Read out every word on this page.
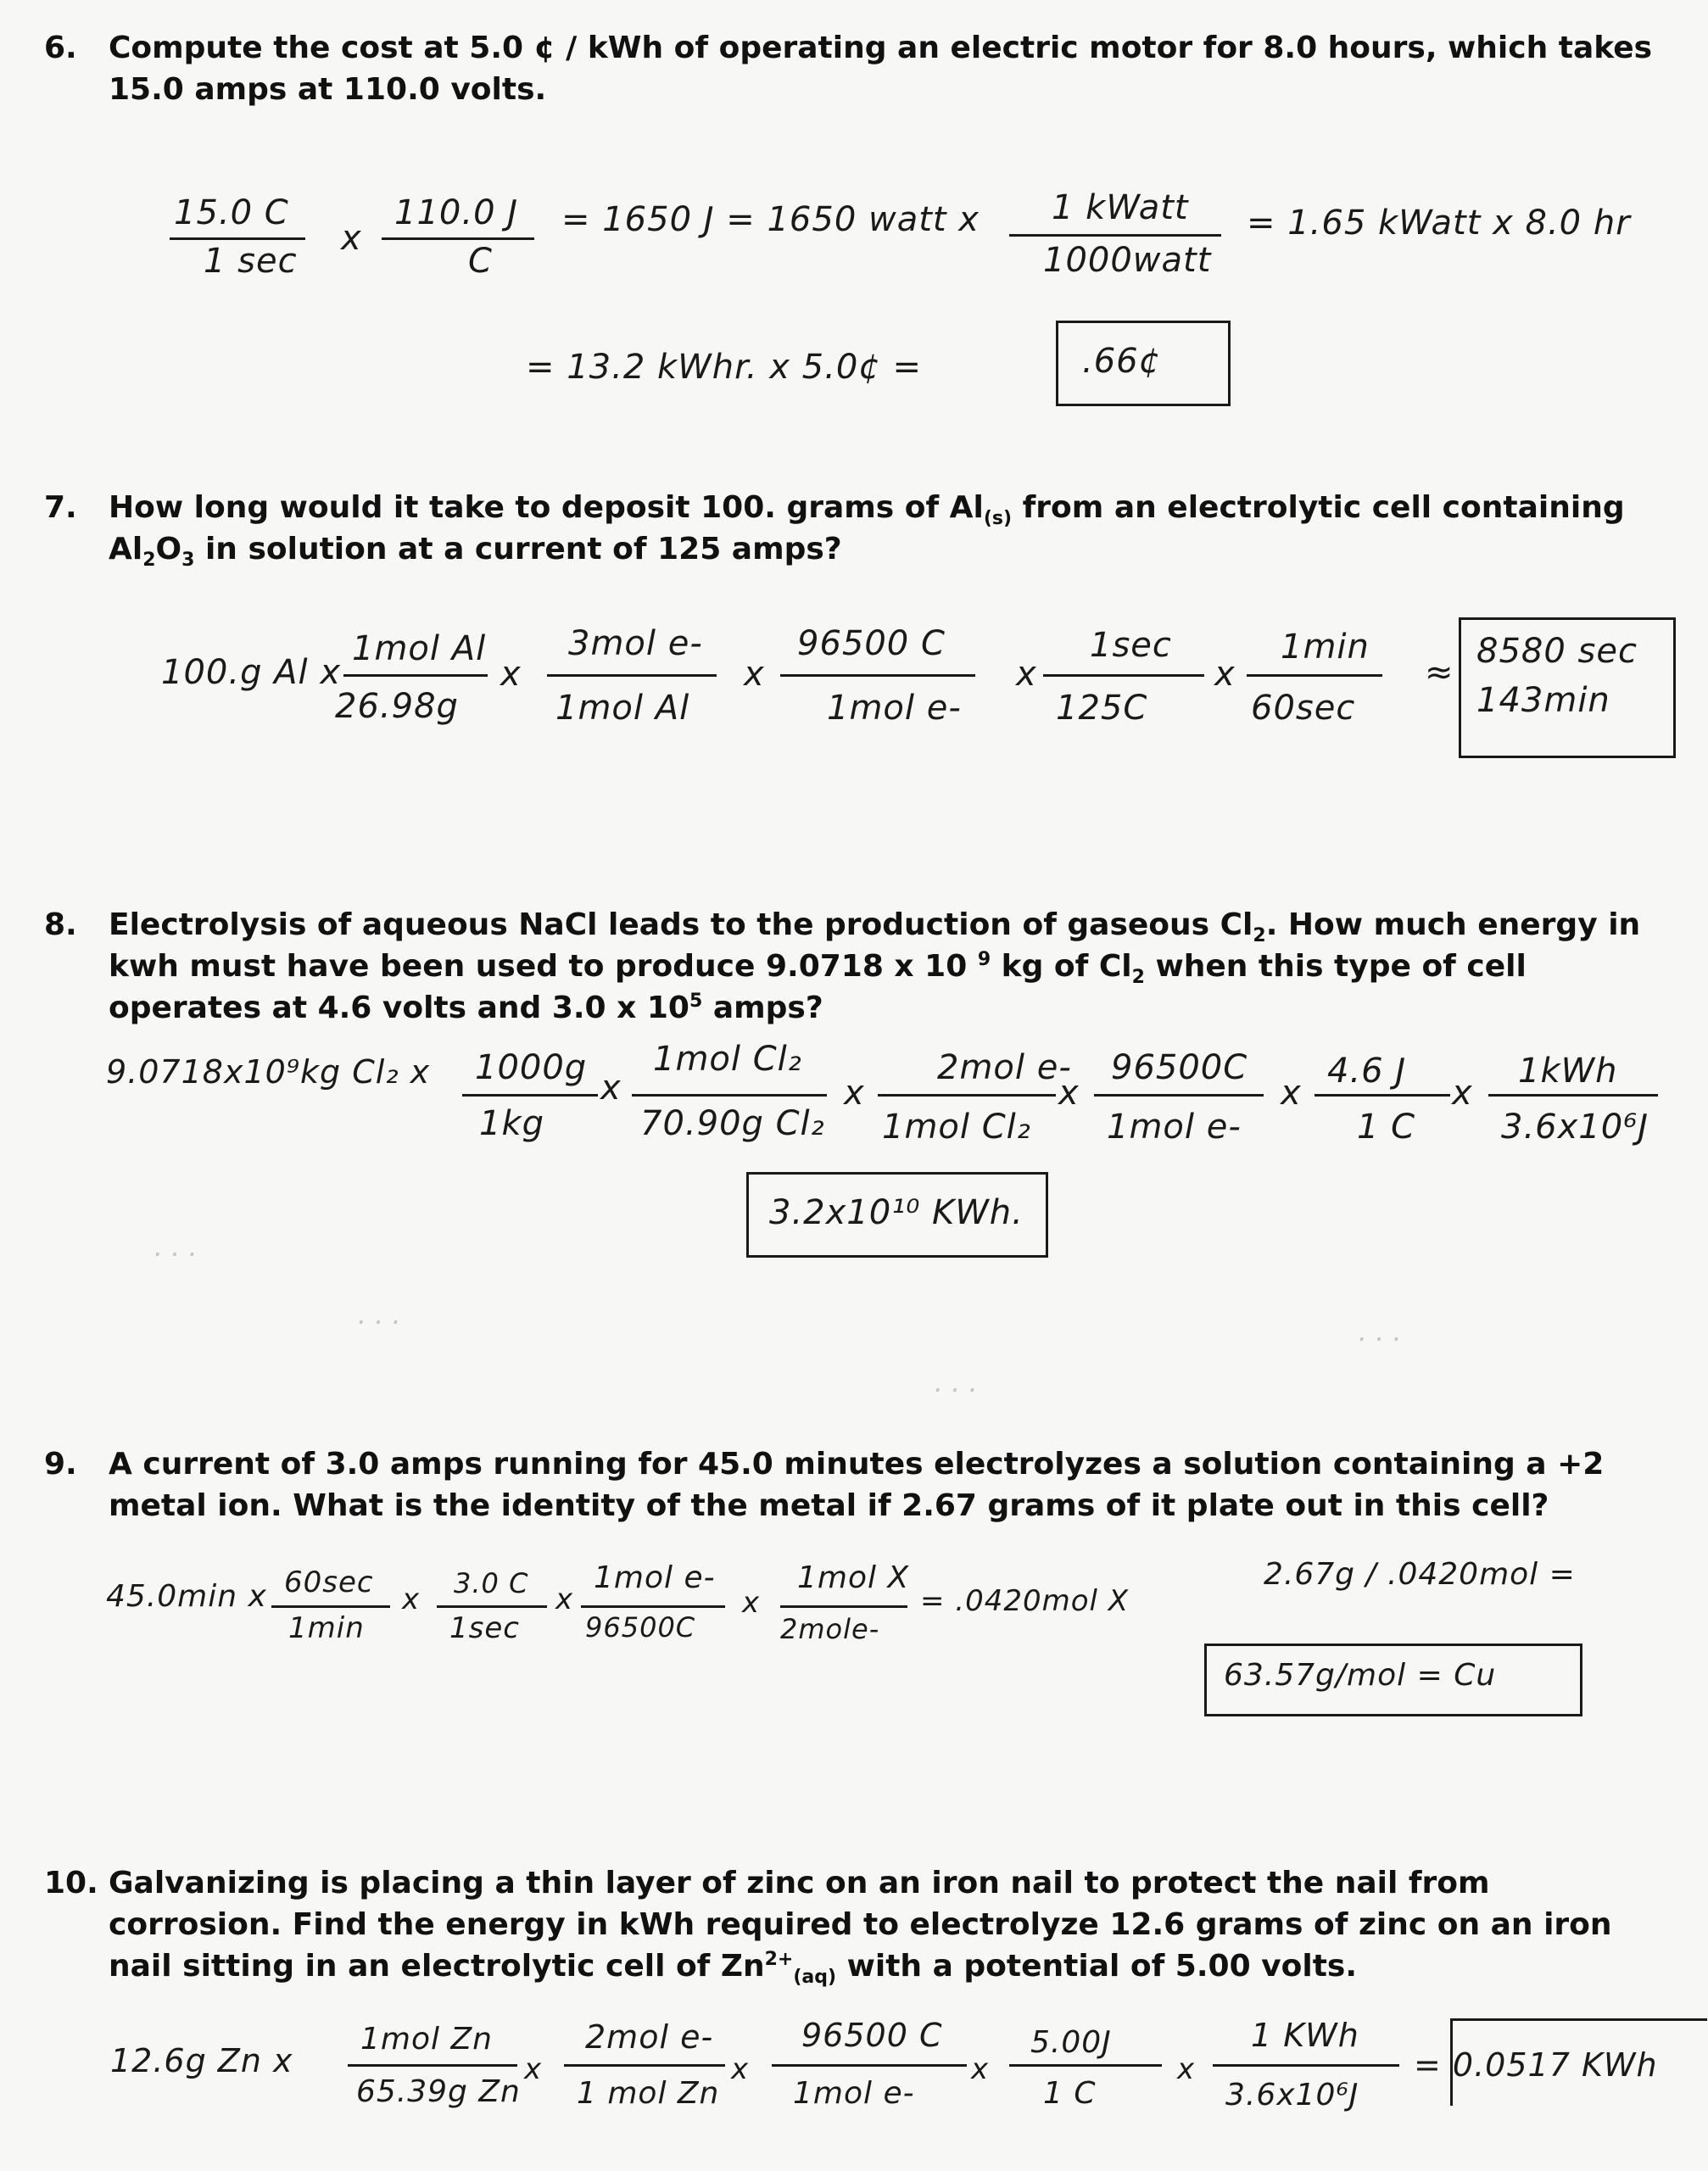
6. Compute the cost at 5.0 ¢ / kWh of operating an electric motor for 8.0 hours, which takes 15.0 amps at 110.0 volts.
15.0 C
1 sec
x
110.0 J
C
= 1650 J = 1650 watt x 1 kWatt
1000watt
= 1.65 kWatt x 8.0 hr
= 13.2 kWhr. x 5.0¢ =	.66¢
7. How long would it take to deposit 100. grams of $Al_{(s)}$ from an electrolytic cell containing $Al_2O_3$ in solution at a current of 125 amps?
100.g Al x
1mol Al
26.98g
x
3mol e-
1mol Al
x
96500 C
1mol e-
x
1sec
125C
x
1min
60sec
≈
8580 sec
143min
8. Electrolysis of aqueous NaCl leads to the production of gaseous $Cl_2$. How much energy in kwh must have been used to produce 9.0718 x 10 $^9$ kg of $Cl_2$ when this type of cell operates at 4.6 volts and 3.0 x $10^5$ amps?
9.0718x10⁹kg Cl₂ x 1000g
1kg
x
1mol Cl₂
70.90g Cl₂
x
2mol e-
1mol Cl₂
x
96500C
1mol e-
x
4.6 J
1 C
x
1kWh
3.6x10⁶J
3.2x10¹⁰ KWh.
· · ·
· · ·
· · ·
· · ·
9. A current of 3.0 amps running for 45.0 minutes electrolyzes a solution containing a +2 metal ion. What is the identity of the metal if 2.67 grams of it plate out in this cell?
45.0min x 60sec
1min
x 3.0 C
1sec
x
1mol e-
96500C
x
1mol X
2mole-
= .0420mol X
2.67g / .0420mol =
63.57g/mol = Cu
10. Galvanizing is placing a thin layer of zinc on an iron nail to protect the nail from corrosion. Find the energy in kWh required to electrolyze 12.6 grams of zinc on an iron nail sitting in an electrolytic cell of $Zn^{2+}_{(aq)}$ with a potential of 5.00 volts.
12.6g Zn x
1mol Zn
65.39g Zn
x
2mol e-
1 mol Zn
x
96500 C
1mol e-
x
5.00J
1 C
x
1 KWh
3.6x10⁶J
= 0.0517 KWh
